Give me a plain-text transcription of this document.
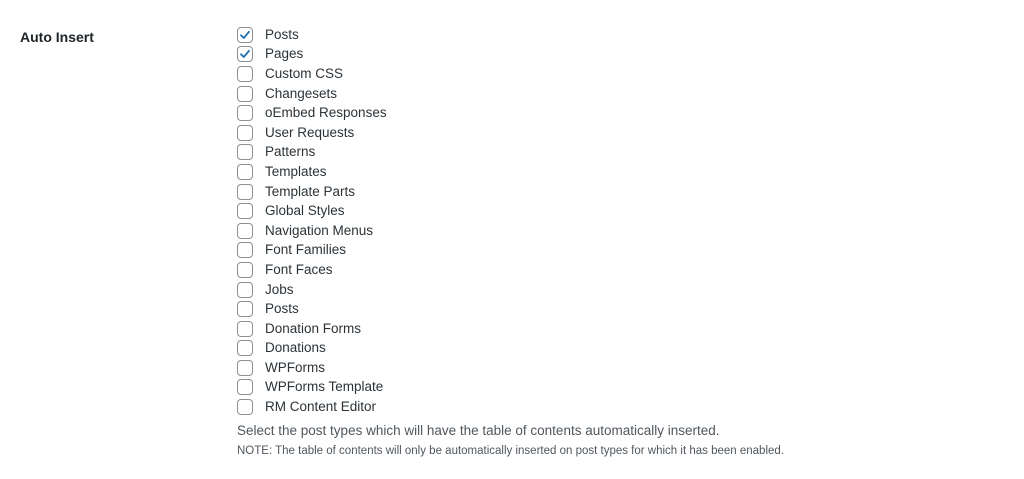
Auto Insert	Posts
Pages
Custom CSS
Changesets
oEmbed Responses
User Requests
Patterns
Templates
Template Parts
Global Styles
Navigation Menus
Font Families
Font Faces
Jobs
Posts
Donation Forms
Donations
WPForms
WPForms Template
RM Content Editor
Select the post types which will have the table of contents automatically inserted.
NOTE: The table of contents will only be automatically inserted on post types for which it has been enabled.
